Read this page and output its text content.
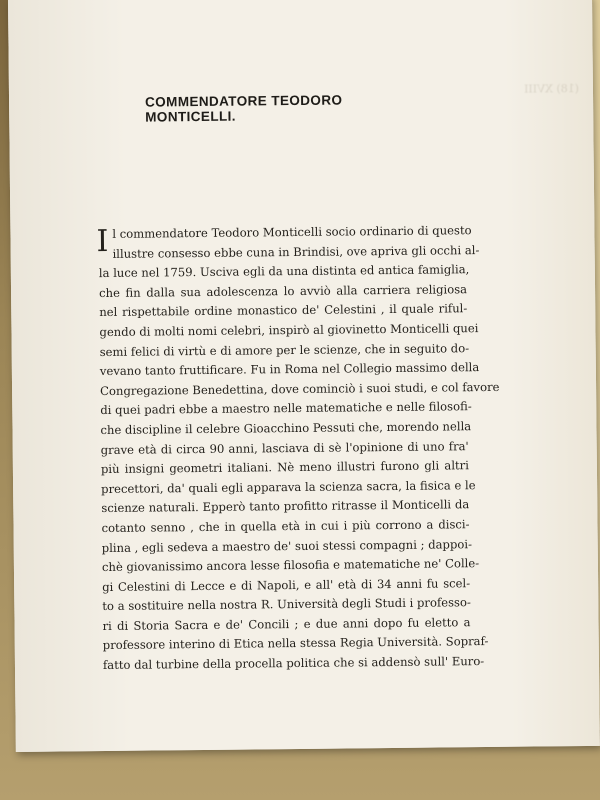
(18) XVIII
COMMENDATORE TEODORO MONTICELLI.
I l commendatore Teodoro Monticelli socio ordinario di questo
illustre consesso ebbe cuna in Brindisi, ove apriva gli occhi al-
la luce nel 1759. Usciva egli da una distinta ed antica famiglia,
che fin dalla sua adolescenza lo avviò alla carriera religiosa
nel rispettabile ordine monastico de' Celestini , il quale riful-
gendo di molti nomi celebri, inspirò al giovinetto Monticelli quei
semi felici di virtù e di amore per le scienze, che in seguito do-
vevano tanto fruttificare. Fu in Roma nel Collegio massimo della
Congregazione Benedettina, dove cominciò i suoi studi, e col favore
di quei padri ebbe a maestro nelle matematiche e nelle filosofi-
che discipline il celebre Gioacchino Pessuti che, morendo nella
grave età di circa 90 anni, lasciava di sè l'opinione di uno fra'
più insigni geometri italiani. Nè meno illustri furono gli altri
precettori, da' quali egli apparava la scienza sacra, la fisica e le
scienze naturali. Epperò tanto profitto ritrasse il Monticelli da
cotanto senno , che in quella età in cui i più corrono a disci-
plina , egli sedeva a maestro de' suoi stessi compagni ; dappoi-
chè giovanissimo ancora lesse filosofia e matematiche ne' Colle-
gi Celestini di Lecce e di Napoli, e all' età di 34 anni fu scel-
to a sostituire nella nostra R. Università degli Studi i professo-
ri di Storia Sacra e de' Concili ; e due anni dopo fu eletto a
professore interino di Etica nella stessa Regia Università. Sopraf-
fatto dal turbine della procella politica che si addensò sull' Euro-
